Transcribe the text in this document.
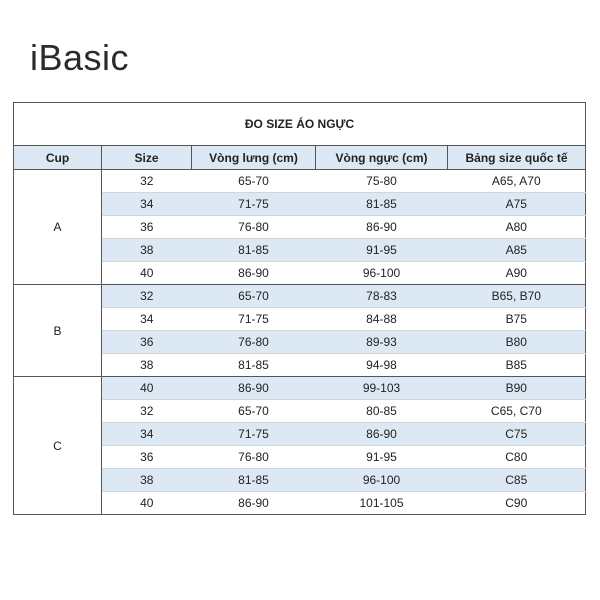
iBasic
ĐO SIZE ÁO NGỰC				
Cup	Size	Vòng lưng (cm)	Vòng ngực (cm)	Bảng size quốc tế
A	32	65-70	75-80	A65, A70
	34	71-75	81-85	A75
	36	76-80	86-90	A80
	38	81-85	91-95	A85
	40	86-90	96-100	A90
B	32	65-70	78-83	B65, B70
	34	71-75	84-88	B75
	36	76-80	89-93	B80
	38	81-85	94-98	B85
C	40	86-90	99-103	B90
	32	65-70	80-85	C65, C70
	34	71-75	86-90	C75
	36	76-80	91-95	C80
	38	81-85	96-100	C85
	40	86-90	101-105	C90
